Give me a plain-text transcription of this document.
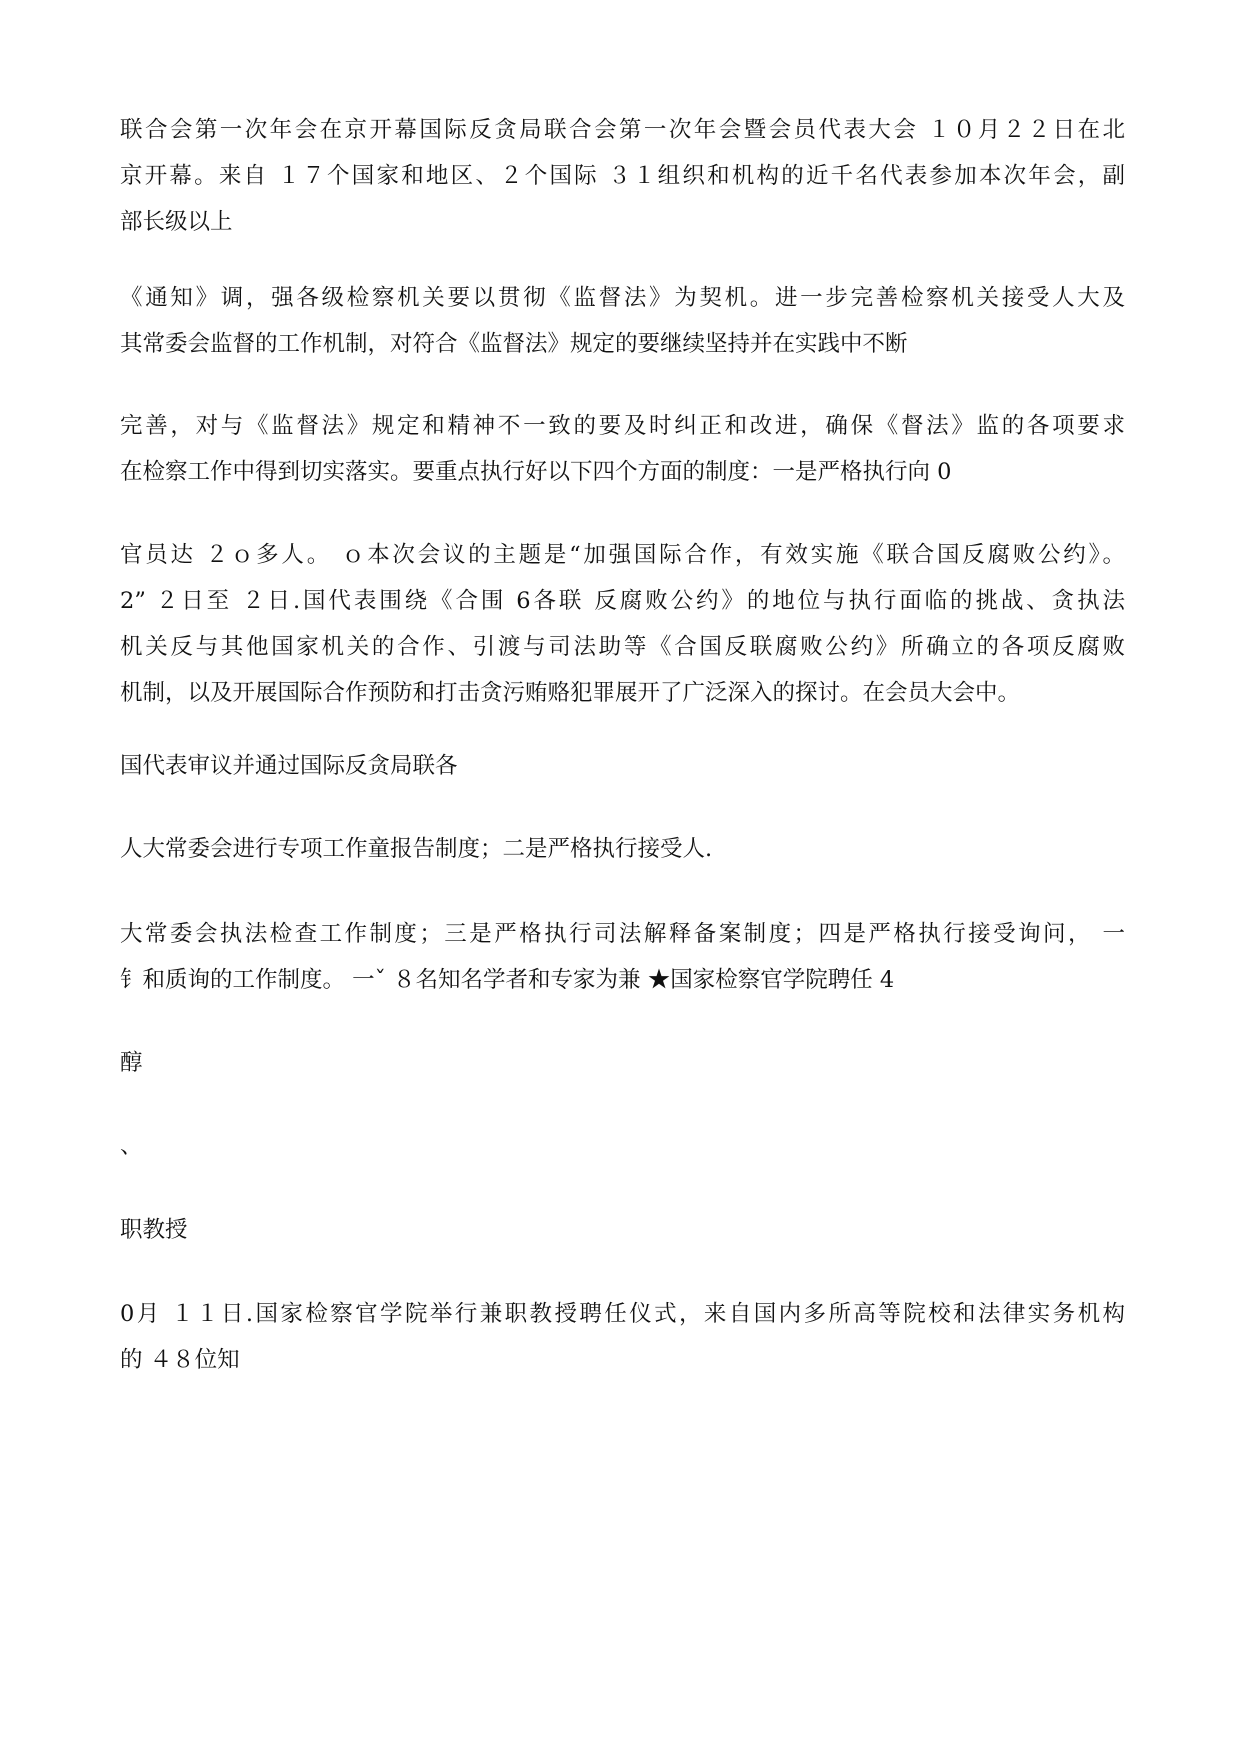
联合会第一次年会在京开幕国际反贪局联合会第一次年会暨会员代表大会 １０月２２日在北
京开幕。来自 １７个国家和地区、２个国际 ３１组织和机构的近千名代表参加本次年会，副
部长级以上

《通知》调，强各级检察机关要以贯彻《监督法》为契机。进一步完善检察机关接受人大及
其常委会监督的工作机制，对符合《监督法》规定的要继续坚持并在实践中不断

完善，对与《监督法》规定和精神不一致的要及时纠正和改进，确保《督法》监的各项要求
在检察工作中得到切实落实。要重点执行好以下四个方面的制度：一是严格执行向 0

官员达 ２ｏ多人。 ｏ本次会议的主题是“加强国际合作，有效实施《联合国反腐败公约》。
2” ２日至 ２日.国代表围绕《合围 6各联 反腐败公约》的地位与执行面临的挑战、贪执法
机关反与其他国家机关的合作、引渡与司法助等《合国反联腐败公约》所确立的各项反腐败
机制，以及开展国际合作预防和打击贪污贿赂犯罪展开了广泛深入的探讨。在会员大会中。

国代表审议并通过国际反贪局联各

人大常委会进行专项工作童报告制度；二是严格执行接受人.

大常委会执法检查工作制度；三是严格执行司法解释备案制度；四是严格执行接受询问， 一
钅和质询的工作制度。 一ˇ ８名知名学者和专家为兼 ★国家检察官学院聘任 4

醇

、

职教授

0月 １１日.国家检察官学院举行兼职教授聘任仪式，来自国内多所高等院校和法律实务机构
的 ４８位知
